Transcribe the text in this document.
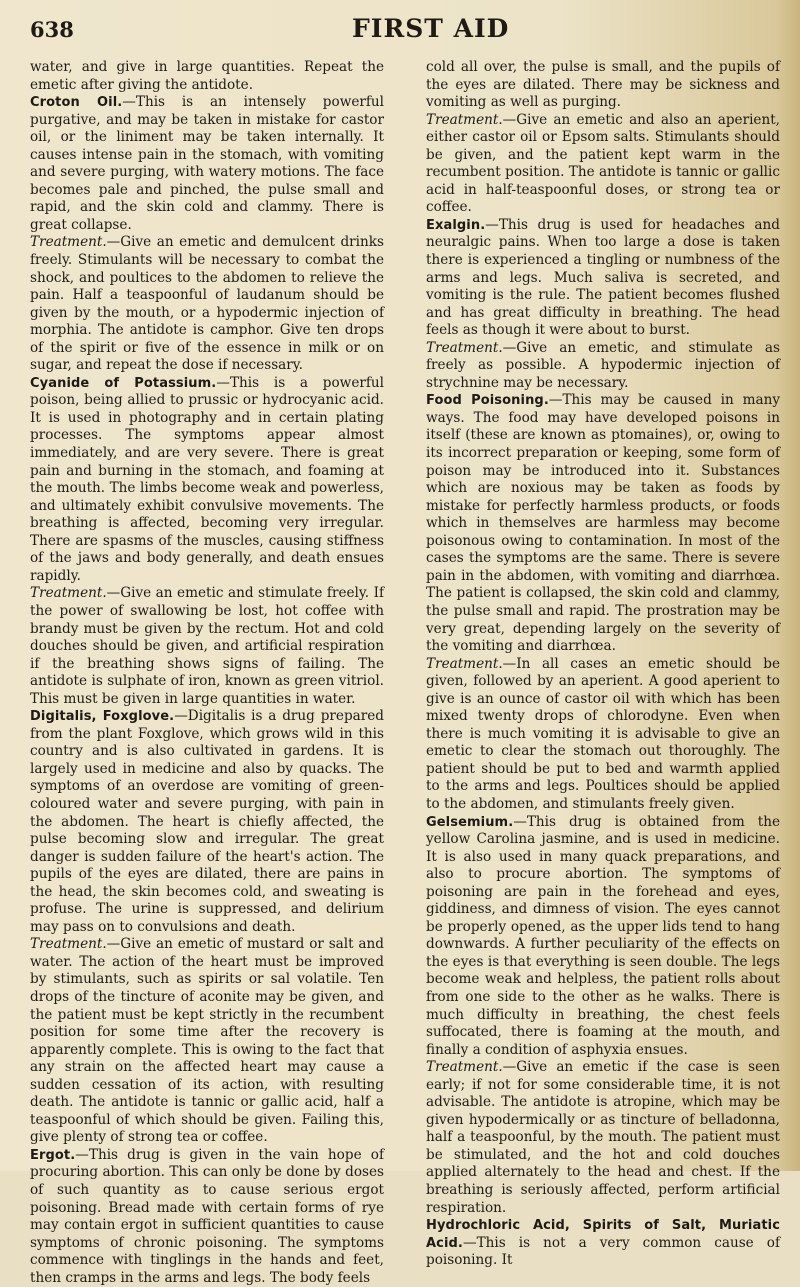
638	FIRST AID

water, and give in large quantities. Repeat the emetic after giving the antidote.

Croton Oil.—This is an intensely powerful purgative, and may be taken in mistake for castor oil, or the liniment may be taken internally. It causes intense pain in the stomach, with vomiting and severe purging, with watery motions. The face becomes pale and pinched, the pulse small and rapid, and the skin cold and clammy. There is great collapse.

Treatment.—Give an emetic and demulcent drinks freely. Stimulants will be necessary to combat the shock, and poultices to the abdomen to relieve the pain. Half a teaspoonful of laudanum should be given by the mouth, or a hypodermic injection of morphia. The antidote is camphor. Give ten drops of the spirit or five of the essence in milk or on sugar, and repeat the dose if necessary.

Cyanide of Potassium.—This is a powerful poison, being allied to prussic or hydrocyanic acid. It is used in photography and in certain plating processes. The symptoms appear almost immediately, and are very severe. There is great pain and burning in the stomach, and foaming at the mouth. The limbs become weak and powerless, and ultimately exhibit convulsive movements. The breathing is affected, becoming very irregular. There are spasms of the muscles, causing stiffness of the jaws and body generally, and death ensues rapidly.

Treatment.—Give an emetic and stimulate freely. If the power of swallowing be lost, hot coffee with brandy must be given by the rectum. Hot and cold douches should be given, and artificial respiration if the breathing shows signs of failing. The antidote is sulphate of iron, known as green vitriol. This must be given in large quantities in water.

Digitalis, Foxglove.—Digitalis is a drug prepared from the plant Foxglove, which grows wild in this country and is also cultivated in gardens. It is largely used in medicine and also by quacks. The symptoms of an overdose are vomiting of green-coloured water and severe purging, with pain in the abdomen. The heart is chiefly affected, the pulse becoming slow and irregular. The great danger is sudden failure of the heart's action. The pupils of the eyes are dilated, there are pains in the head, the skin becomes cold, and sweating is profuse. The urine is suppressed, and delirium may pass on to convulsions and death.

Treatment.—Give an emetic of mustard or salt and water. The action of the heart must be improved by stimulants, such as spirits or sal volatile. Ten drops of the tincture of aconite may be given, and the patient must be kept strictly in the recumbent position for some time after the recovery is apparently complete. This is owing to the fact that any strain on the affected heart may cause a sudden cessation of its action, with resulting death. The antidote is tannic or gallic acid, half a teaspoonful of which should be given. Failing this, give plenty of strong tea or coffee.

Ergot.—This drug is given in the vain hope of procuring abortion. This can only be done by doses of such quantity as to cause serious ergot poisoning. Bread made with certain forms of rye may contain ergot in sufficient quantities to cause symptoms of chronic poisoning. The symptoms commence with tinglings in the hands and feet, then cramps in the arms and legs. The body feels

cold all over, the pulse is small, and the pupils of the eyes are dilated. There may be sickness and vomiting as well as purging.

Treatment.—Give an emetic and also an aperient, either castor oil or Epsom salts. Stimulants should be given, and the patient kept warm in the recumbent position. The antidote is tannic or gallic acid in half-teaspoonful doses, or strong tea or coffee.

Exalgin.—This drug is used for headaches and neuralgic pains. When too large a dose is taken there is experienced a tingling or numbness of the arms and legs. Much saliva is secreted, and vomiting is the rule. The patient becomes flushed and has great difficulty in breathing. The head feels as though it were about to burst.

Treatment.—Give an emetic, and stimulate as freely as possible. A hypodermic injection of strychnine may be necessary.

Food Poisoning.—This may be caused in many ways. The food may have developed poisons in itself (these are known as ptomaines), or, owing to its incorrect preparation or keeping, some form of poison may be introduced into it. Substances which are noxious may be taken as foods by mistake for perfectly harmless products, or foods which in themselves are harmless may become poisonous owing to contamination. In most of the cases the symptoms are the same. There is severe pain in the abdomen, with vomiting and diarrhœa. The patient is collapsed, the skin cold and clammy, the pulse small and rapid. The prostration may be very great, depending largely on the severity of the vomiting and diarrhœa.

Treatment.—In all cases an emetic should be given, followed by an aperient. A good aperient to give is an ounce of castor oil with which has been mixed twenty drops of chlorodyne. Even when there is much vomiting it is advisable to give an emetic to clear the stomach out thoroughly. The patient should be put to bed and warmth applied to the arms and legs. Poultices should be applied to the abdomen, and stimulants freely given.

Gelsemium.—This drug is obtained from the yellow Carolina jasmine, and is used in medicine. It is also used in many quack preparations, and also to procure abortion. The symptoms of poisoning are pain in the forehead and eyes, giddiness, and dimness of vision. The eyes cannot be properly opened, as the upper lids tend to hang downwards. A further peculiarity of the effects on the eyes is that everything is seen double. The legs become weak and helpless, the patient rolls about from one side to the other as he walks. There is much difficulty in breathing, the chest feels suffocated, there is foaming at the mouth, and finally a condition of asphyxia ensues.

Treatment.—Give an emetic if the case is seen early; if not for some considerable time, it is not advisable. The antidote is atropine, which may be given hypodermically or as tincture of belladonna, half a teaspoonful, by the mouth. The patient must be stimulated, and the hot and cold douches applied alternately to the head and chest. If the breathing is seriously affected, perform artificial respiration.

Hydrochloric Acid, Spirits of Salt, Muriatic Acid.—This is not a very common cause of poisoning. It
